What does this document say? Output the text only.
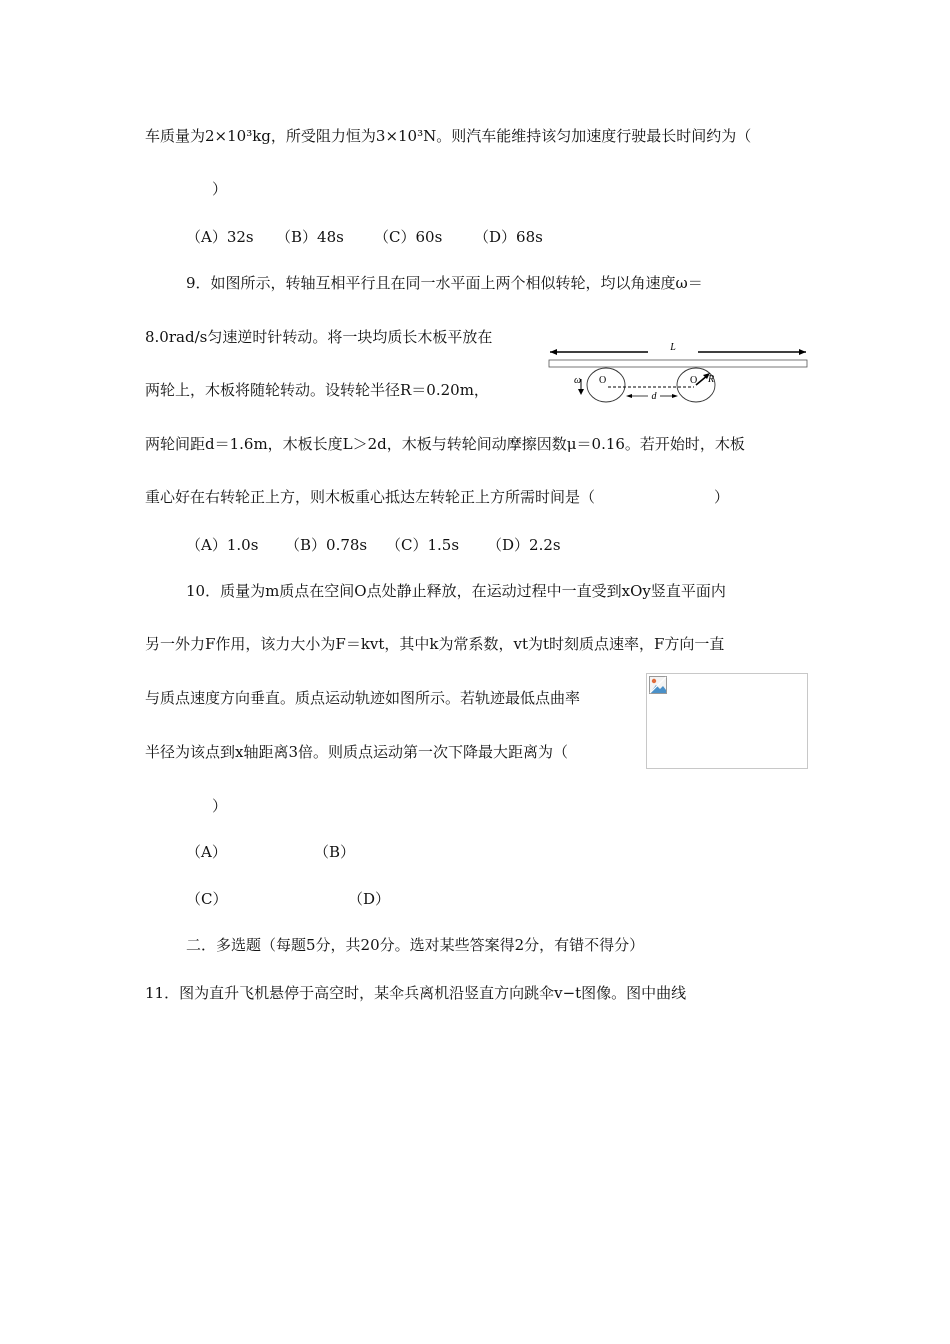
车质量为2×10³kg，所受阻力恒为3×10³N。则汽车能维持该匀加速度行驶最长时间约为（
）
（A）32s （B）48s （C）60s （D）68s
9．如图所示，转轴互相平行且在同一水平面上两个相似转轮，均以角速度ω＝
8.0rad/s匀速逆时针转动。将一块均质长木板平放在
两轮上，木板将随轮转动。设转轮半径R＝0.20m，
L
ω O	O
d
R
两轮间距d＝1.6m，木板长度L＞2d，木板与转轮间动摩擦因数μ＝0.16。若开始时，木板
重心好在右转轮正上方，则木板重心抵达左转轮正上方所需时间是（	）
（A）1.0s （B）0.78s （C）1.5s （D）2.2s
10．质量为m质点在空间O点处静止释放，在运动过程中一直受到xOy竖直平面内
另一外力F作用，该力大小为F＝kvt，其中k为常系数，vt为t时刻质点速率，F方向一直
与质点速度方向垂直。质点运动轨迹如图所示。若轨迹最低点曲率
半径为该点到x轴距离3倍。则质点运动第一次下降最大距离为（
）
（A）	（B）
（C）	（D）
二．多选题（每题5分，共20分。选对某些答案得2分，有错不得分）
11．图为直升飞机悬停于高空时，某伞兵离机沿竖直方向跳伞v−t图像。图中曲线
